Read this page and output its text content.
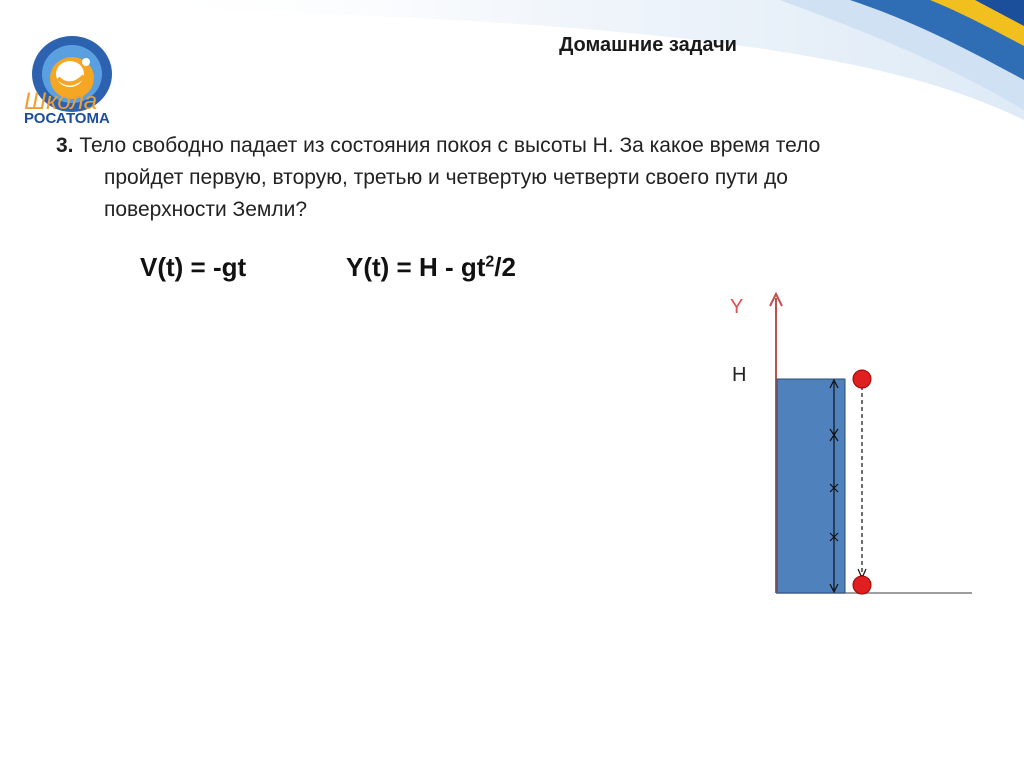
Школа
РОСАТОМА
Домашние задачи
3. Тело свободно падает из состояния покоя с высоты Н. За какое время тело
пройдет первую, вторую, третью и четвертую четверти своего пути до
поверхности Земли?
V(t) = -gt	$Y(t) = H - gt^2/2$
Y
H
